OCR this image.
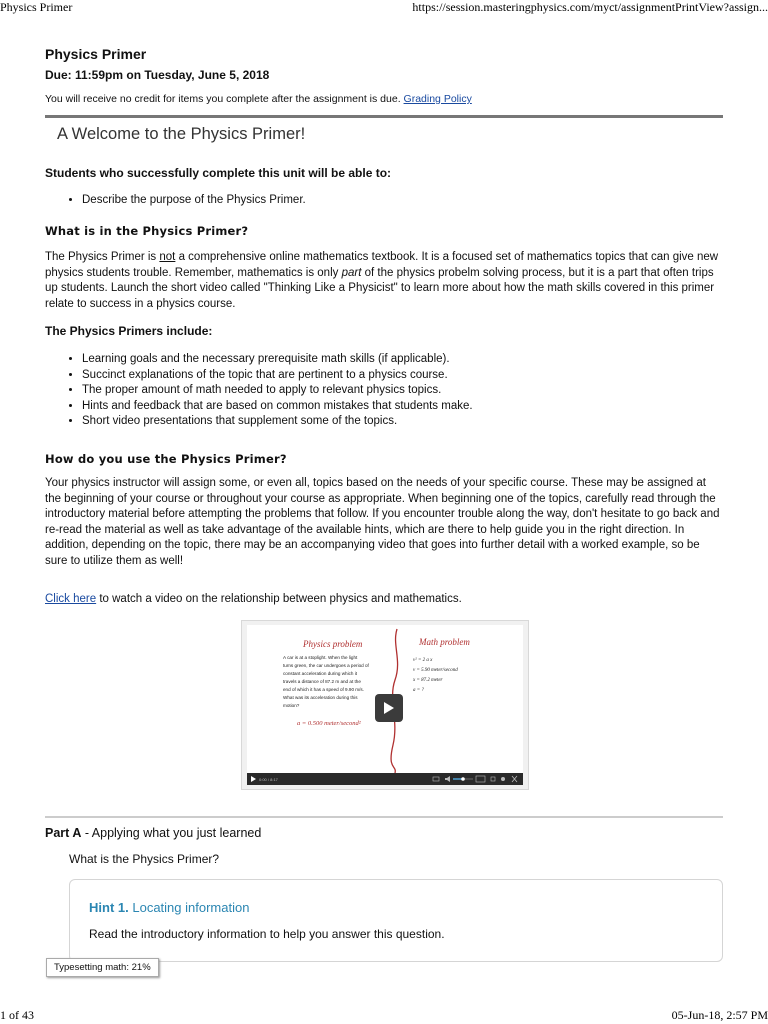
Physics Primer	https://session.masteringphysics.com/myct/assignmentPrintView?assign...
Physics Primer
Due: 11:59pm on Tuesday, June 5, 2018
You will receive no credit for items you complete after the assignment is due. Grading Policy
A Welcome to the Physics Primer!
Students who successfully complete this unit will be able to:
• Describe the purpose of the Physics Primer.
What is in the Physics Primer?
The Physics Primer is not a comprehensive online mathematics textbook. It is a focused set of mathematics topics that can give new physics students trouble. Remember, mathematics is only part of the physics probelm solving process, but it is a part that often trips up students. Launch the short video called "Thinking Like a Physicist" to learn more about how the math skills covered in this primer relate to success in a physics course.
The Physics Primers include:
• Learning goals and the necessary prerequisite math skills (if applicable).
• Succinct explanations of the topic that are pertinent to a physics course.
• The proper amount of math needed to apply to relevant physics topics.
• Hints and feedback that are based on common mistakes that students make.
• Short video presentations that supplement some of the topics.
How do you use the Physics Primer?
Your physics instructor will assign some, or even all, topics based on the needs of your specific course. These may be assigned at the beginning of your course or throughout your course as appropriate. When beginning one of the topics, carefully read through the introductory material before attempting the problems that follow. If you encounter trouble along the way, don't hesitate to go back and re-read the material as well as take advantage of the available hints, which are there to help guide you in the right direction. In addition, depending on the topic, there may be an accompanying video that goes into further detail with a worked example, so be sure to utilize them as well!
Click here to watch a video on the relationship between physics and mathematics.
Physics problem	Math problem
A car is at a stoplight. When the light
turns green, the car undergoes a period of
constant acceleration during which it
travels a distance of 87.2 m and at the
end of which it has a speed of 9.90 m/s.
What was its acceleration during this
motion?
a = 0.500 meter/second²
v² = 2 a x
v = 5.90 meter/second
x = 87.2 meter
a = ?
0:00 / 8:17
Part A - Applying what you just learned
What is the Physics Primer?
Hint 1. Locating information
Read the introductory information to help you answer this question.
Typesetting math: 21%
1 of 43	05-Jun-18, 2:57 PM
